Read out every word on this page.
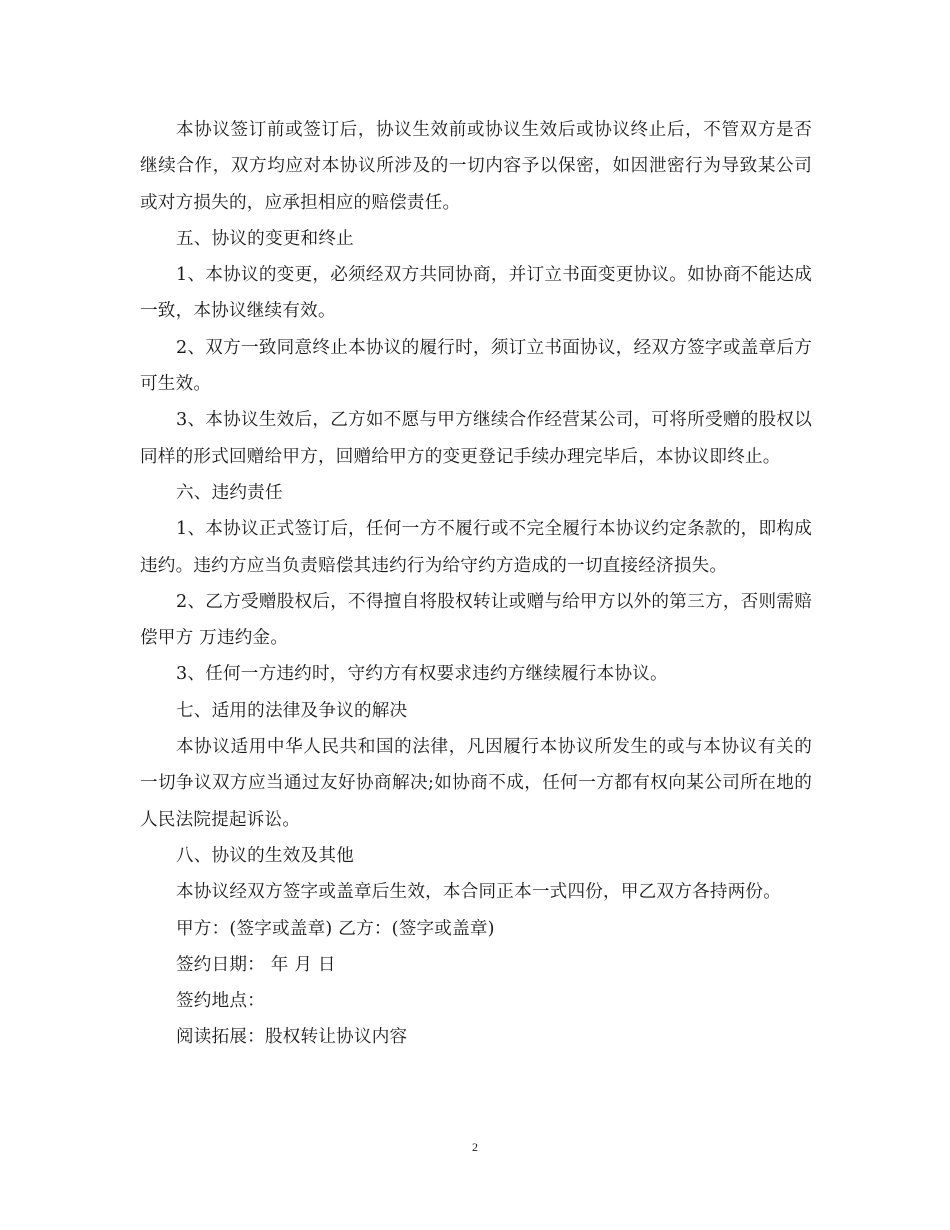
本协议签订前或签订后，协议生效前或协议生效后或协议终止后，不管双方是否继续合作，双方均应对本协议所涉及的一切内容予以保密，如因泄密行为导致某公司或对方损失的，应承担相应的赔偿责任。

五、协议的变更和终止

1、本协议的变更，必须经双方共同协商，并订立书面变更协议。如协商不能达成一致，本协议继续有效。

2、双方一致同意终止本协议的履行时，须订立书面协议，经双方签字或盖章后方可生效。

3、本协议生效后，乙方如不愿与甲方继续合作经营某公司，可将所受赠的股权以同样的形式回赠给甲方，回赠给甲方的变更登记手续办理完毕后，本协议即终止。

六、违约责任

1、本协议正式签订后，任何一方不履行或不完全履行本协议约定条款的，即构成违约。违约方应当负责赔偿其违约行为给守约方造成的一切直接经济损失。

2、乙方受赠股权后，不得擅自将股权转让或赠与给甲方以外的第三方，否则需赔偿甲方 万违约金。

3、任何一方违约时，守约方有权要求违约方继续履行本协议。

七、适用的法律及争议的解决

本协议适用中华人民共和国的法律，凡因履行本协议所发生的或与本协议有关的一切争议双方应当通过友好协商解决;如协商不成，任何一方都有权向某公司所在地的人民法院提起诉讼。

八、协议的生效及其他

本协议经双方签字或盖章后生效，本合同正本一式四份，甲乙双方各持两份。

甲方：(签字或盖章) 乙方：(签字或盖章)

签约日期： 年 月 日

签约地点：

阅读拓展：股权转让协议内容

2
